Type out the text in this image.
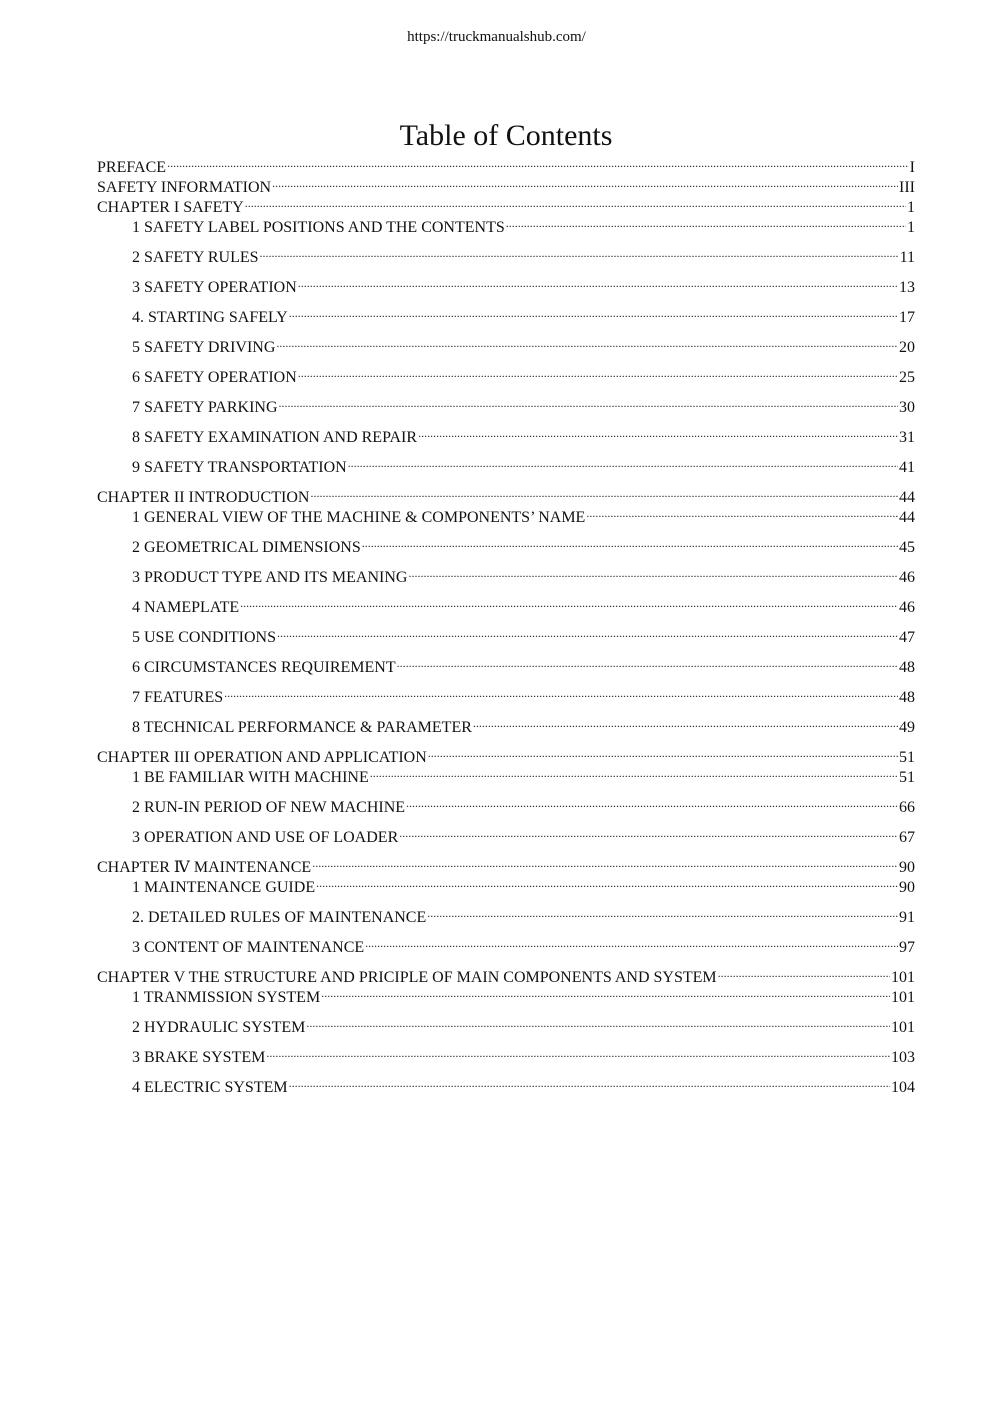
https://truckmanualshub.com/
Table of Contents
PREFACE .....	I
SAFETY INFORMATION .....	III
CHAPTER I SAFETY .....	1
1 SAFETY LABEL POSITIONS AND THE CONTENTS .....	1
2 SAFETY RULES .....	11
3 SAFETY OPERATION .....	13
4. STARTING SAFELY .....	17
5 SAFETY DRIVING .....	20
6 SAFETY OPERATION .....	25
7 SAFETY PARKING .....	30
8 SAFETY EXAMINATION AND REPAIR .....	31
9 SAFETY TRANSPORTATION .....	41
CHAPTER II INTRODUCTION .....	44
1 GENERAL VIEW OF THE MACHINE & COMPONENTS’ NAME .....	44
2 GEOMETRICAL DIMENSIONS .....	45
3 PRODUCT TYPE AND ITS MEANING .....	46
4 NAMEPLATE .....	46
5 USE CONDITIONS .....	47
6 CIRCUMSTANCES REQUIREMENT .....	48
7 FEATURES .....	48
8 TECHNICAL PERFORMANCE & PARAMETER .....	49
CHAPTER III OPERATION AND APPLICATION .....	51
1 BE FAMILIAR WITH MACHINE .....	51
2 RUN-IN PERIOD OF NEW MACHINE .....	66
3 OPERATION AND USE OF LOADER .....	67
CHAPTER Ⅳ MAINTENANCE .....	90
1 MAINTENANCE GUIDE .....	90
2. DETAILED RULES OF MAINTENANCE .....	91
3 CONTENT OF MAINTENANCE .....	97
CHAPTER V THE STRUCTURE AND PRICIPLE OF MAIN COMPONENTS AND SYSTEM .....	101
1 TRANMISSION SYSTEM .....	101
2 HYDRAULIC SYSTEM .....	101
3 BRAKE SYSTEM .....	103
4 ELECTRIC SYSTEM .....	104
